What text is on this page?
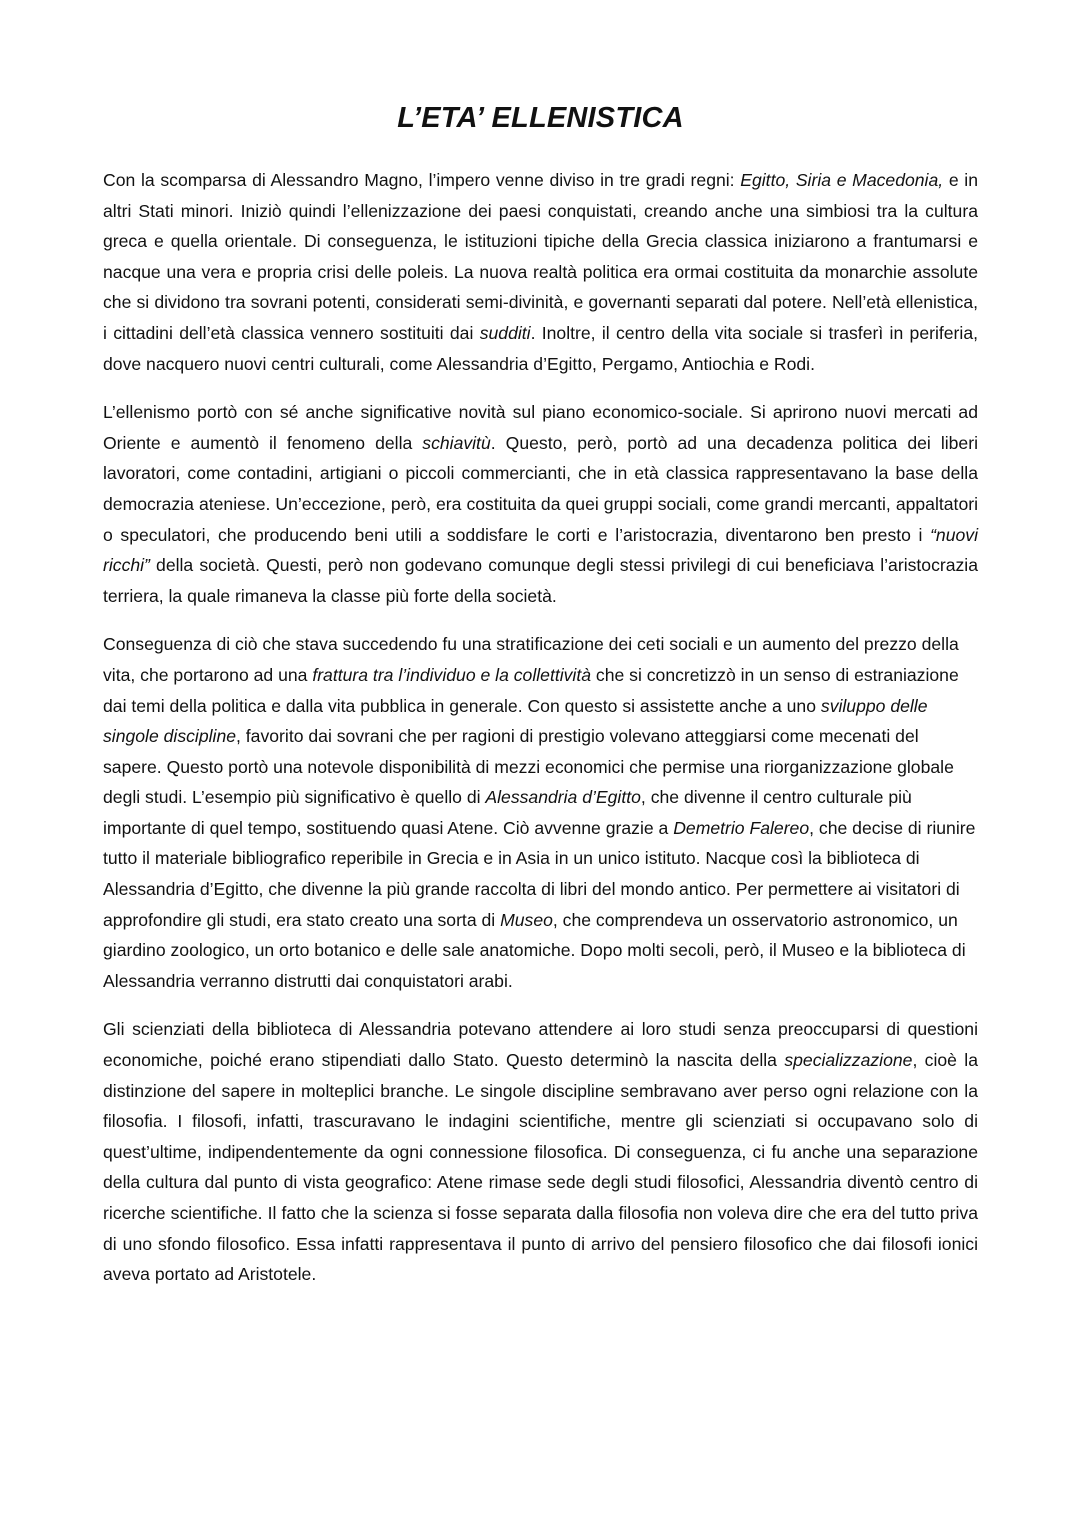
L’ETA’ ELLENISTICA

Con la scomparsa di Alessandro Magno, l’impero venne diviso in tre gradi regni: Egitto, Siria e Macedonia, e in altri Stati minori. Iniziò quindi l’ellenizzazione dei paesi conquistati, creando anche una simbiosi tra la cultura greca e quella orientale. Di conseguenza, le istituzioni tipiche della Grecia classica iniziarono a frantumarsi e nacque una vera e propria crisi delle poleis. La nuova realtà politica era ormai costituita da monarchie assolute che si dividono tra sovrani potenti, considerati semi-divinità, e governanti separati dal potere. Nell’età ellenistica, i cittadini dell’età classica vennero sostituiti dai sudditi. Inoltre, il centro della vita sociale si trasferì in periferia, dove nacquero nuovi centri culturali, come Alessandria d’Egitto, Pergamo, Antiochia e Rodi.

L’ellenismo portò con sé anche significative novità sul piano economico-sociale. Si aprirono nuovi mercati ad Oriente e aumentò il fenomeno della schiavitù. Questo, però, portò ad una decadenza politica dei liberi lavoratori, come contadini, artigiani o piccoli commercianti, che in età classica rappresentavano la base della democrazia ateniese. Un’eccezione, però, era costituita da quei gruppi sociali, come grandi mercanti, appaltatori o speculatori, che producendo beni utili a soddisfare le corti e l’aristocrazia, diventarono ben presto i “nuovi ricchi” della società. Questi, però non godevano comunque degli stessi privilegi di cui beneficiava l’aristocrazia terriera, la quale rimaneva la classe più forte della società.

Conseguenza di ciò che stava succedendo fu una stratificazione dei ceti sociali e un aumento del prezzo della vita, che portarono ad una frattura tra l’individuo e la collettività che si concretizzò in un senso di estraniazione dai temi della politica e dalla vita pubblica in generale. Con questo si assistette anche a uno sviluppo delle singole discipline, favorito dai sovrani che per ragioni di prestigio volevano atteggiarsi come mecenati del sapere. Questo portò una notevole disponibilità di mezzi economici che permise una riorganizzazione globale degli studi. L’esempio più significativo è quello di Alessandria d’Egitto, che divenne il centro culturale più importante di quel tempo, sostituendo quasi Atene. Ciò avvenne grazie a Demetrio Falereo, che decise di riunire tutto il materiale bibliografico reperibile in Grecia e in Asia in un unico istituto. Nacque così la biblioteca di Alessandria d’Egitto, che divenne la più grande raccolta di libri del mondo antico. Per permettere ai visitatori di approfondire gli studi, era stato creato una sorta di Museo, che comprendeva un osservatorio astronomico, un giardino zoologico, un orto botanico e delle sale anatomiche. Dopo molti secoli, però, il Museo e la biblioteca di Alessandria verranno distrutti dai conquistatori arabi.

Gli scienziati della biblioteca di Alessandria potevano attendere ai loro studi senza preoccuparsi di questioni economiche, poiché erano stipendiati dallo Stato. Questo determinò la nascita della specializzazione, cioè la distinzione del sapere in molteplici branche. Le singole discipline sembravano aver perso ogni relazione con la filosofia. I filosofi, infatti, trascuravano le indagini scientifiche, mentre gli scienziati si occupavano solo di quest’ultime, indipendentemente da ogni connessione filosofica. Di conseguenza, ci fu anche una separazione della cultura dal punto di vista geografico: Atene rimase sede degli studi filosofici, Alessandria diventò centro di ricerche scientifiche. Il fatto che la scienza si fosse separata dalla filosofia non voleva dire che era del tutto priva di uno sfondo filosofico. Essa infatti rappresentava il punto di arrivo del pensiero filosofico che dai filosofi ionici aveva portato ad Aristotele.
